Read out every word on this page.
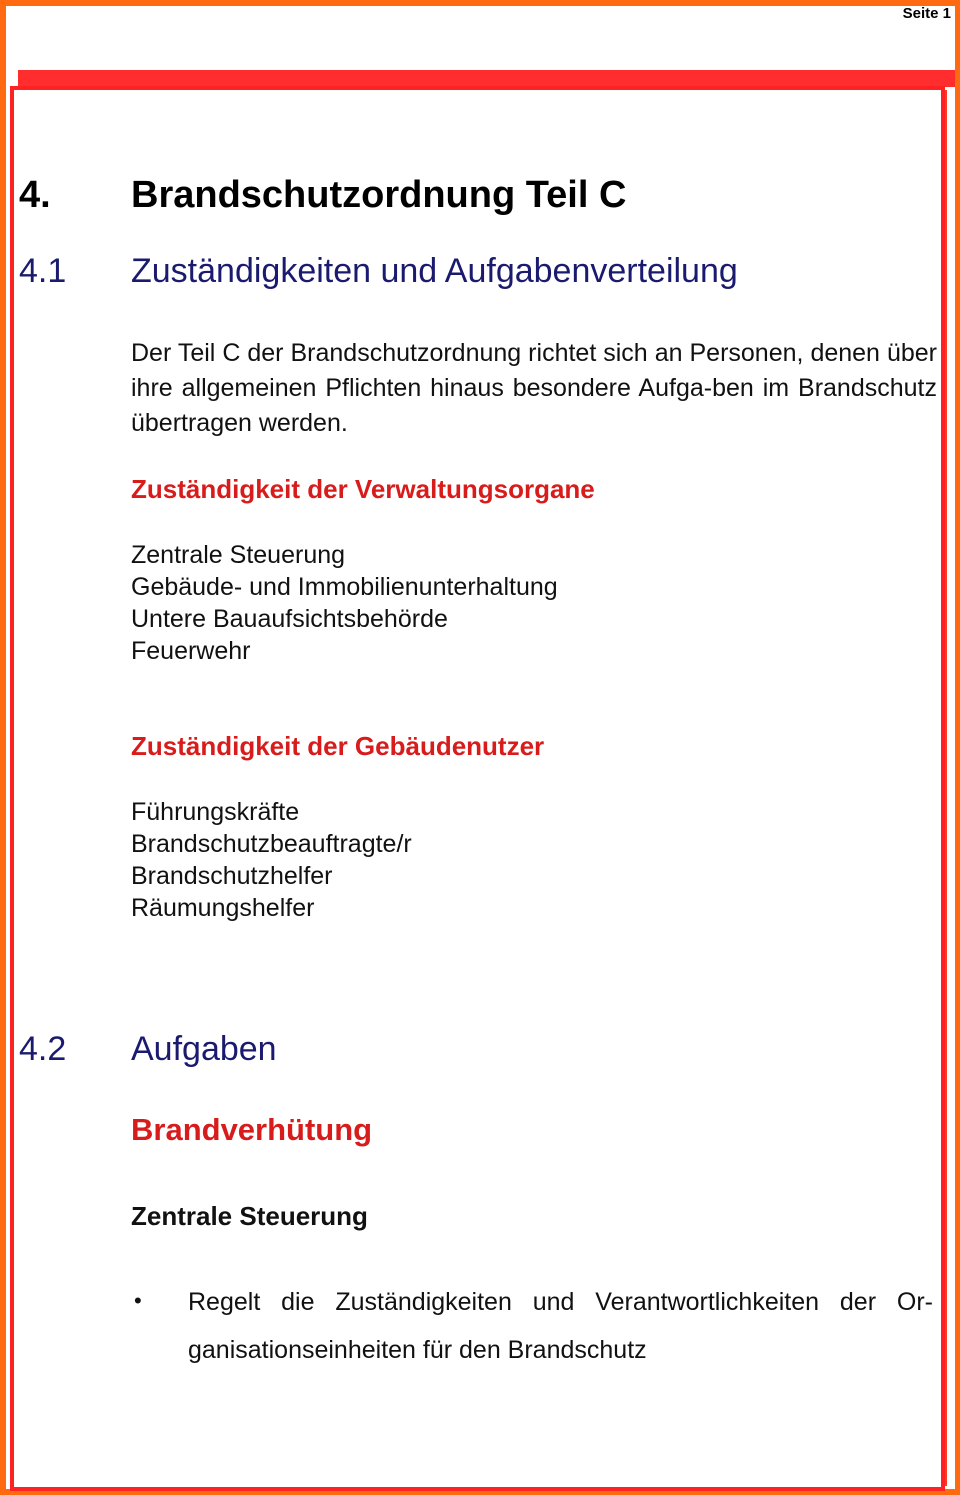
Seite 1
4. Brandschutzordnung Teil C
4.1 Zuständigkeiten und Aufgabenverteilung
Der Teil C der Brandschutzordnung richtet sich an Personen, denen über ihre allgemeinen Pflichten hinaus besondere Aufga-ben im Brandschutz übertragen werden.
Zuständigkeit der Verwaltungsorgane
Zentrale Steuerung
Gebäude- und Immobilienunterhaltung
Untere Bauaufsichtsbehörde
Feuerwehr
Zuständigkeit der Gebäudenutzer
Führungskräfte
Brandschutzbeauftragte/r
Brandschutzhelfer
Räumungshelfer
4.2 Aufgaben
Brandverhütung
Zentrale Steuerung
• Regelt die Zuständigkeiten und Verantwortlichkeiten der Or-ganisationseinheiten für den Brandschutz
